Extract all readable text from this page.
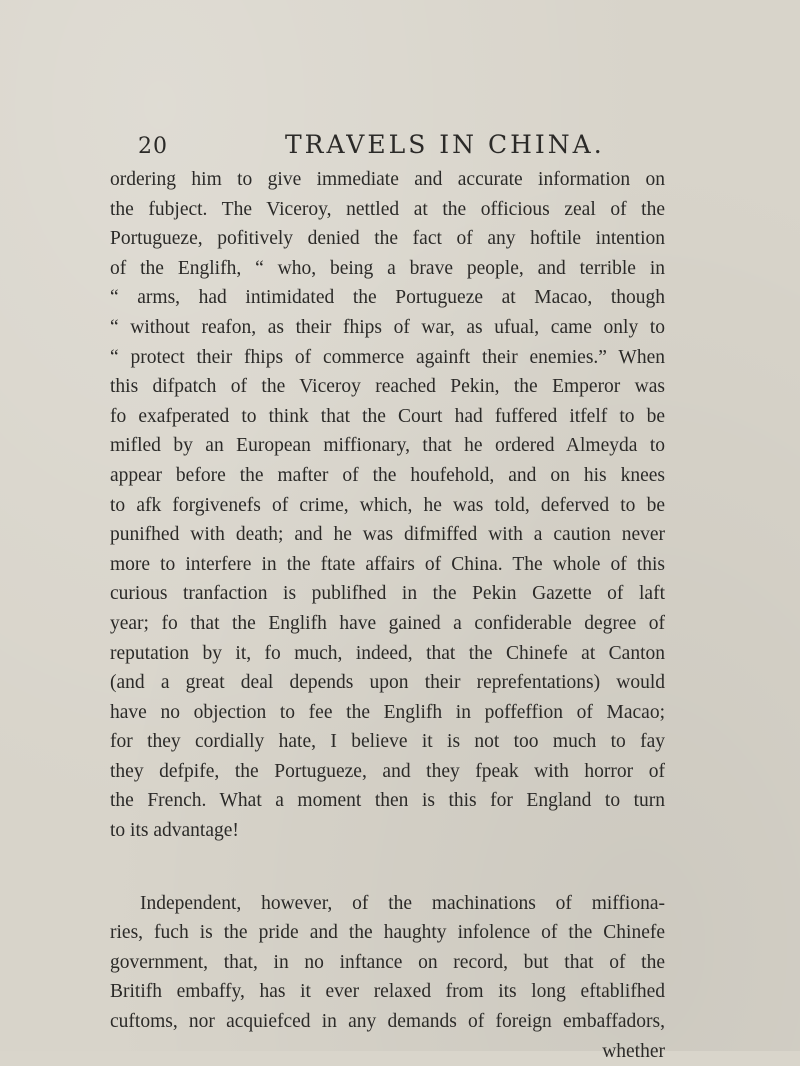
20	TRAVELS IN CHINA.
ordering him to give immediate and accurate information on
the fubject. The Viceroy, nettled at the officious zeal of the
Portugueze, pofitively denied the fact of any hoftile intention
of the Englifh, “ who, being a brave people, and terrible in
“ arms, had intimidated the Portugueze at Macao, though
“ without reafon, as their fhips of war, as ufual, came only to
“ protect their fhips of commerce againft their enemies.” When
this difpatch of the Viceroy reached Pekin, the Emperor was
fo exafperated to think that the Court had fuffered itfelf to be
mifled by an European miffionary, that he ordered Almeyda to
appear before the mafter of the houfehold, and on his knees
to afk forgivenefs of crime, which, he was told, deferved to be
punifhed with death; and he was difmiffed with a caution never
more to interfere in the ftate affairs of China. The whole of this
curious tranfaction is publifhed in the Pekin Gazette of laft
year; fo that the Englifh have gained a confiderable degree of
reputation by it, fo much, indeed, that the Chinefe at Canton
(and a great deal depends upon their reprefentations) would
have no objection to fee the Englifh in poffeffion of Macao;
for they cordially hate, I believe it is not too much to fay
they defpife, the Portugueze, and they fpeak with horror of
the French. What a moment then is this for England to turn
to its advantage!
Independent, however, of the machinations of miffiona-
ries, fuch is the pride and the haughty infolence of the Chinefe
government, that, in no inftance on record, but that of the
Britifh embaffy, has it ever relaxed from its long eftablifhed
cuftoms, nor acquiefced in any demands of foreign embaffadors,
whether
